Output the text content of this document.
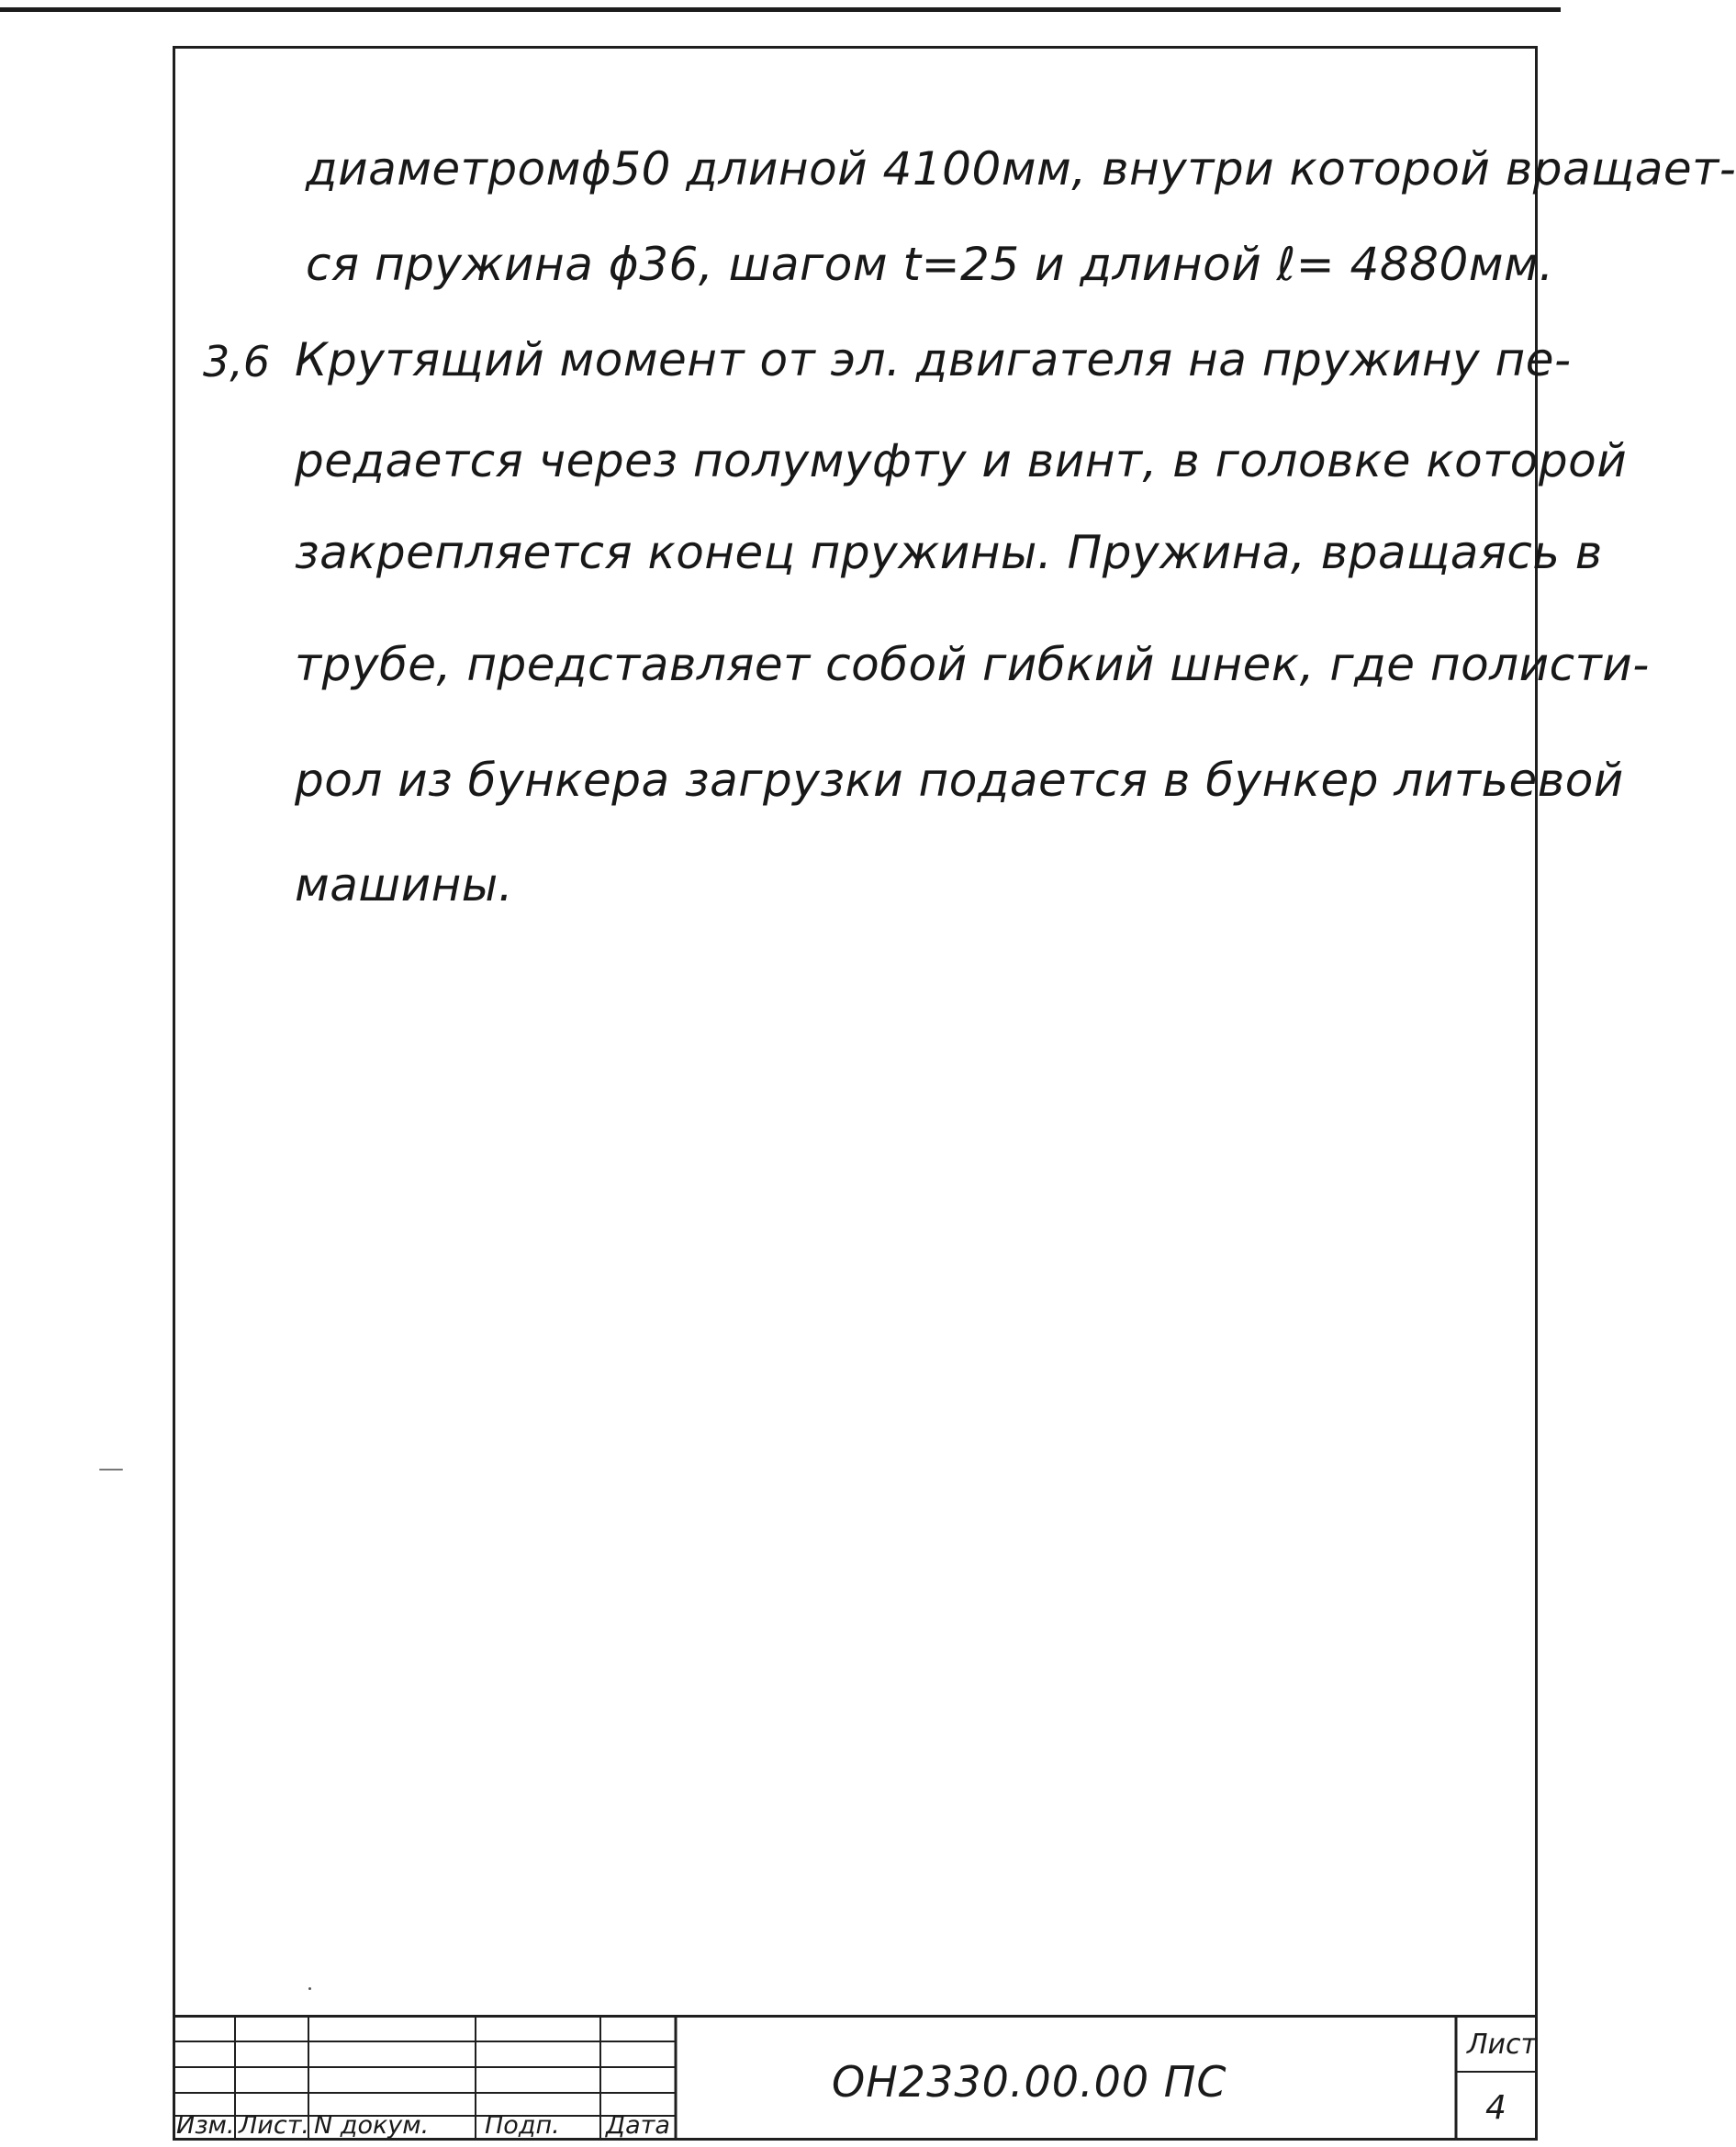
диаметромϕ50 длиной 4100мм, внутри которой вращает-
ся пружина ϕ36, шагом t=25 и длиной ℓ= 4880мм.
3,6 Крутящий момент от эл. двигателя на пружину пе-
редается через полумуфту и винт, в головке которой
закрепляется конец пружины. Пружина, вращаясь в
трубе, представляет собой гибкий шнек, где полисти-
рол из бункера загрузки подается в бункер литьевой
машины.
Изм. Лист. N докум. Подп. Дата
ОН2330.00.00 ПС
Лист
4
